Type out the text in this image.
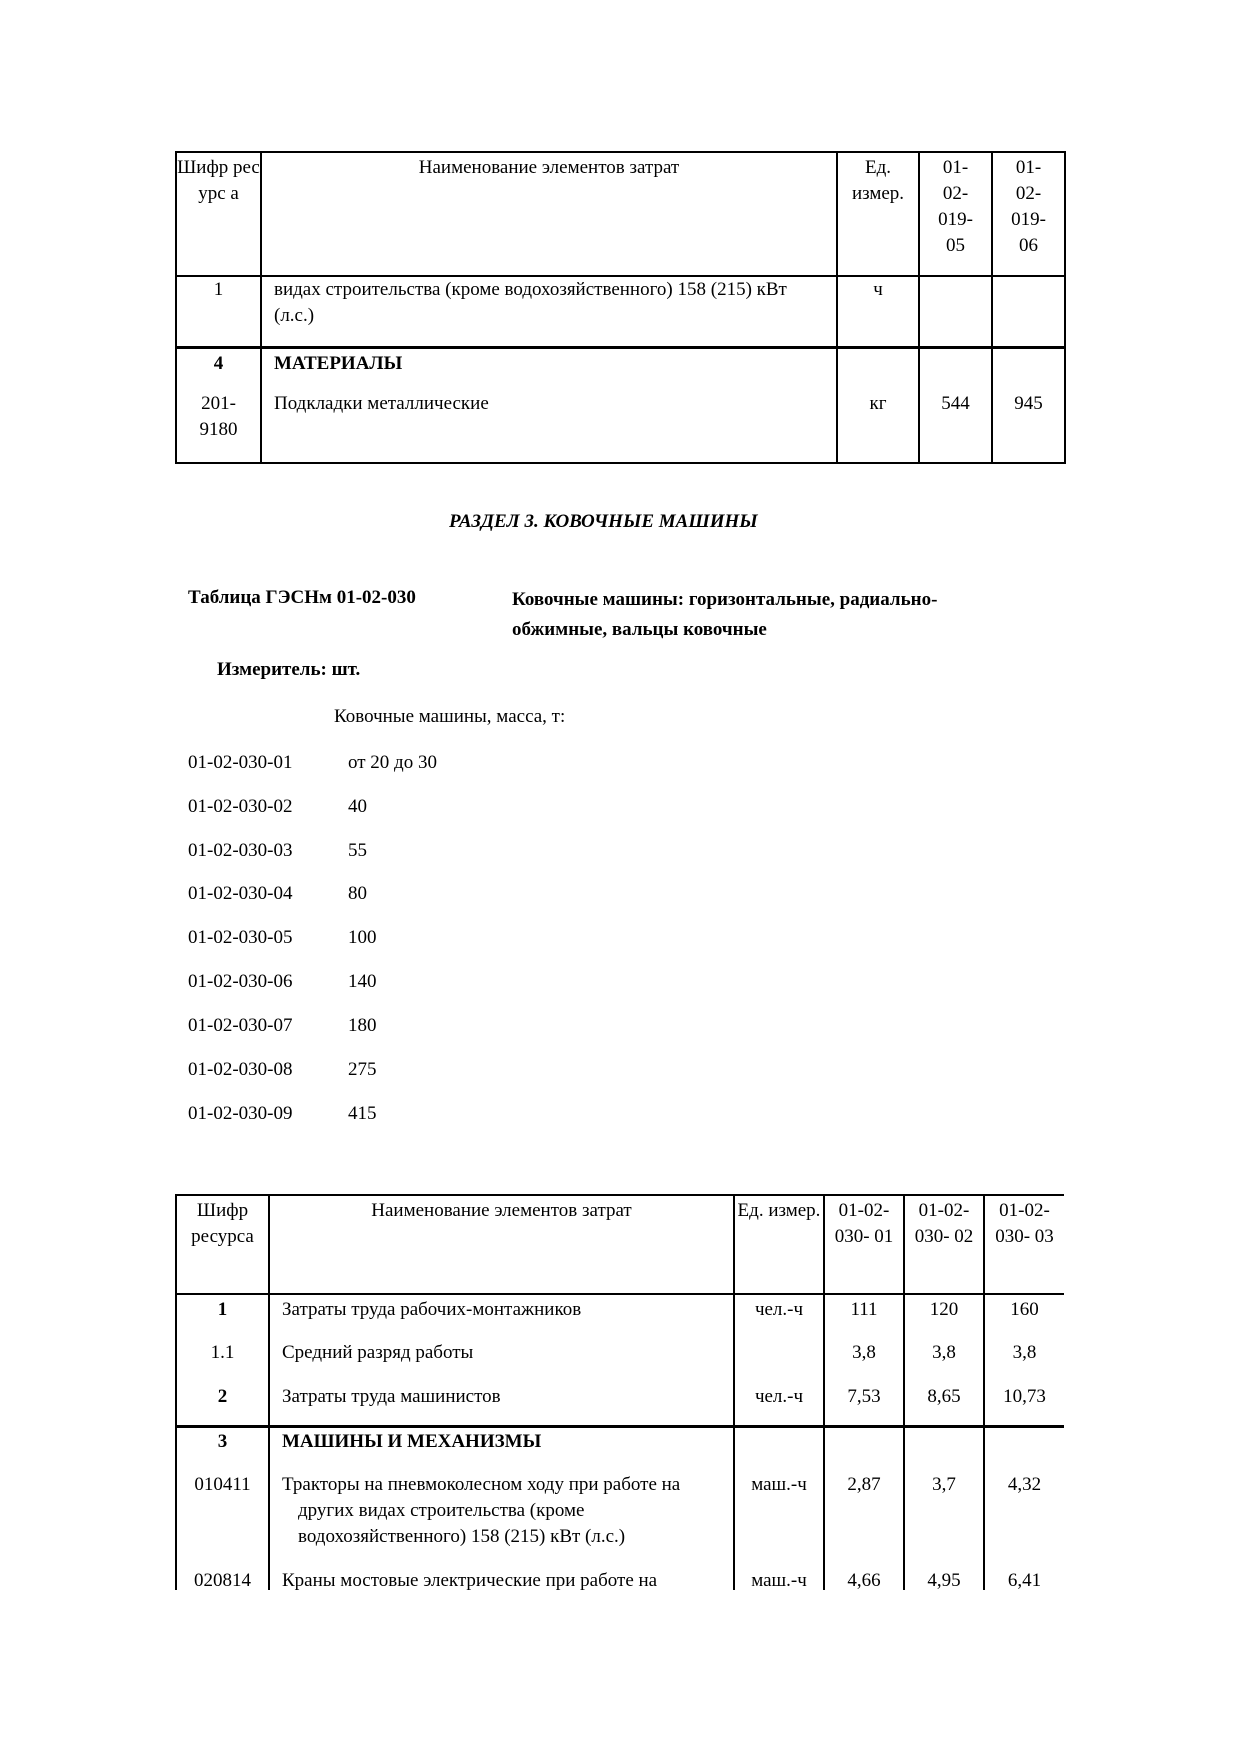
Шифр ресурс а	Наименование элементов затрат	Ед. измер.	01- 02- 019- 05	01- 02- 019- 06
1	видах строительства (кроме водохозяйственного) 158 (215) кВт (л.с.)	ч		
4	МАТЕРИАЛЫ			
201- 9180	Подкладки металлические	кг	544	945
РАЗДЕЛ 3. КОВОЧНЫЕ МАШИНЫ
Таблица ГЭСНм 01-02-030	Ковочные машины: горизонтальные, радиально-обжимные, вальцы ковочные
Измеритель: шт.
Ковочные машины, масса, т:
01-02-030-01	от 20 до 30
01-02-030-02	40
01-02-030-03	55
01-02-030-04	80
01-02-030-05	100
01-02-030-06	140
01-02-030-07	180
01-02-030-08	275
01-02-030-09	415
Шифр ресурса	Наименование элементов затрат	Ед. измер.	01-02- 030- 01	01-02- 030- 02	01-02- 030- 03
1	Затраты труда рабочих-монтажников	чел.-ч	111	120	160
1.1	Средний разряд работы		3,8	3,8	3,8
2	Затраты труда машинистов	чел.-ч	7,53	8,65	10,73
3	МАШИНЫ И МЕХАНИЗМЫ				
010411	Тракторы на пневмоколесном ходу при работе на других видах строительства (кроме водохозяйственного) 158 (215) кВт (л.с.)	маш.-ч	2,87	3,7	4,32
020814	Краны мостовые электрические при работе на	маш.-ч	4,66	4,95	6,41
